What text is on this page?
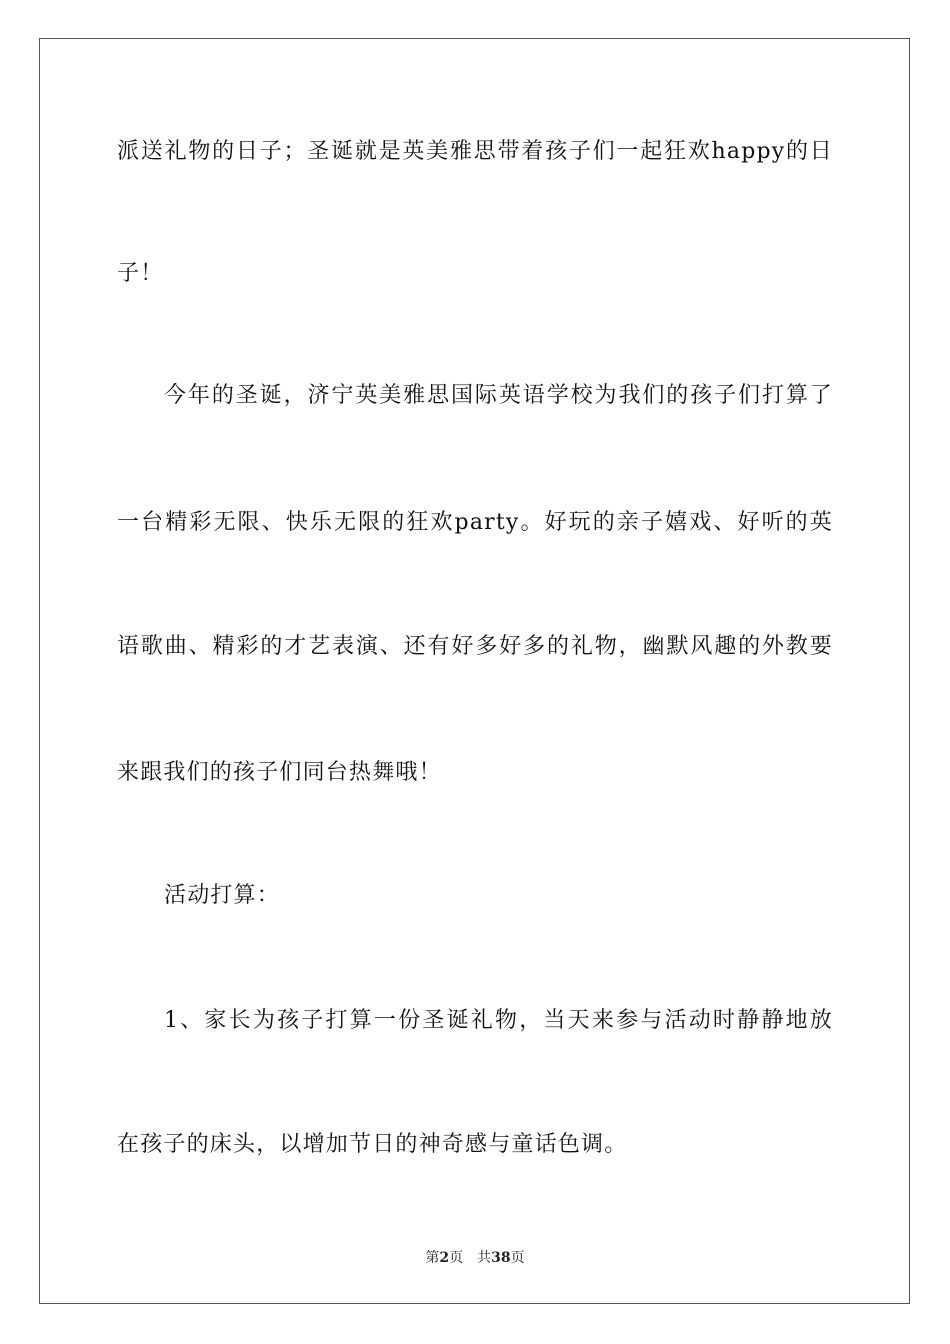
派送礼物的日子；圣诞就是英美雅思带着孩子们一起狂欢happy的日
子！
今年的圣诞，济宁英美雅思国际英语学校为我们的孩子们打算了
一台精彩无限、快乐无限的狂欢party。好玩的亲子嬉戏、好听的英
语歌曲、精彩的才艺表演、还有好多好多的礼物，幽默风趣的外教要
来跟我们的孩子们同台热舞哦！
活动打算：
1、家长为孩子打算一份圣诞礼物，当天来参与活动时静静地放
在孩子的床头，以增加节日的神奇感与童话色调。
第2页 共38页
